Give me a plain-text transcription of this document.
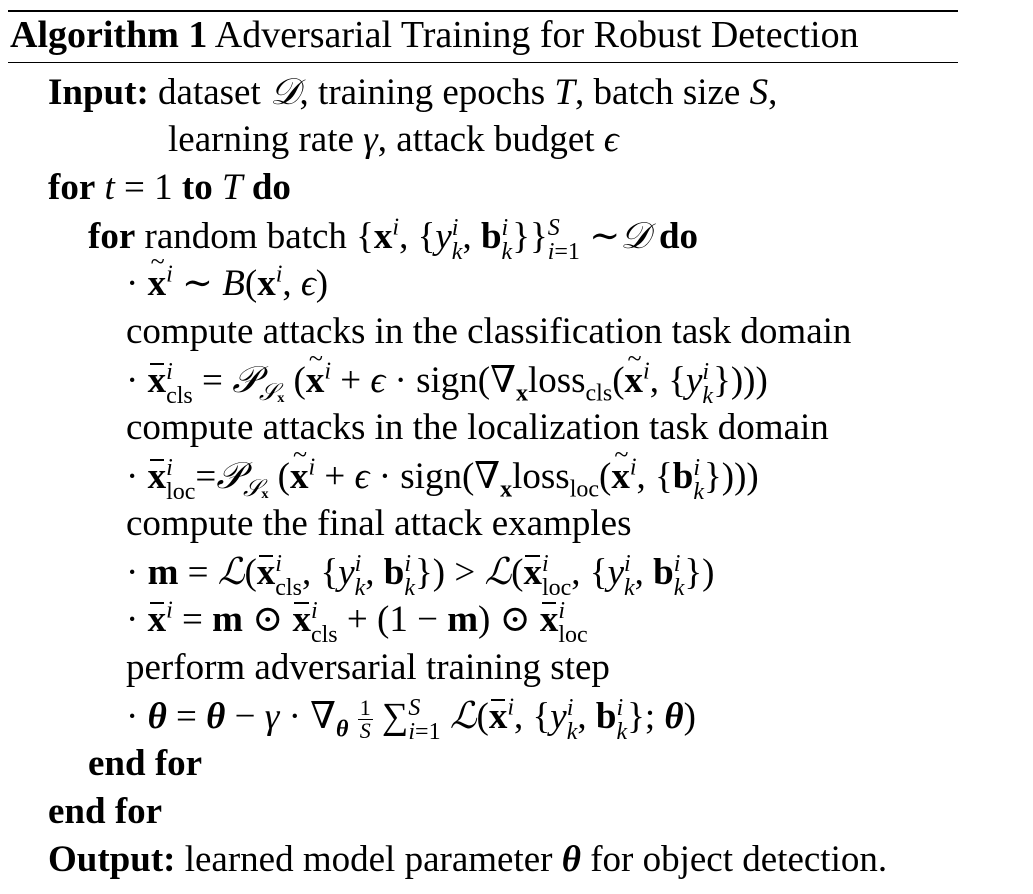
Algorithm 1 Adversarial Training for Robust Detection
Input: dataset 𝒟, training epochs T, batch size S,
learning rate γ, attack budget ϵ
for t = 1 to T do
for random batch {$x^i$, {y i
k , b i
k }} S
i=1 ∼𝒟 do
· ~ $x^i$ ∼ $B(x^i$, ϵ)
compute attacks in the classification task domain
· x i
cls = 𝒫$_{𝒮_x}$ (~ $x^i + \epsilon$ · $sign(\nabla_xloss_{cls}(\sim$ $x^i$, {y i
k })))
compute attacks in the localization task domain
· x i
loc =𝒫$_{𝒮_x}$ (~ $x^i + \epsilon$ · $sign(\nabla_xloss_{loc}(\sim$ $x^i$, {b i
k })))
compute the final attack examples
· m = ℒ(x i
cls , {y i
k , b i
k }) > ℒ(x i
loc , {y i
k , b i
k })
· $x^i = m$ ⊙ x i
cls + (1 − m) ⊙ x i
loc
perform adversarial training step
· $\theta = \theta - \gamma \cdot \nabla_\theta \frac{1}{S}$ ∑ S
i=1 $ℒ(x^i$, {y i
k , b i
k }; θ)
end for
end for
Output: learned model parameter θ for object detection.
